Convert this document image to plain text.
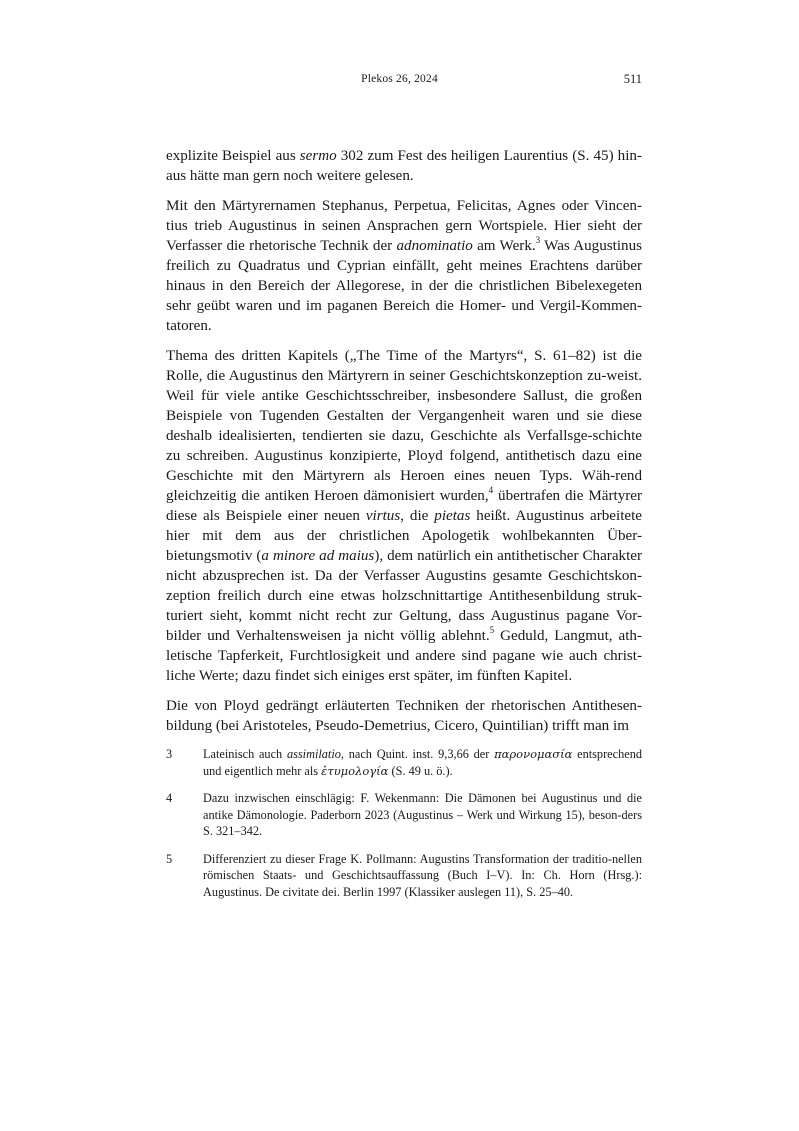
Plekos 26, 2024	511

explizite Beispiel aus sermo 302 zum Fest des heiligen Laurentius (S. 45) hin-aus hätte man gern noch weitere gelesen.

Mit den Märtyrernamen Stephanus, Perpetua, Felicitas, Agnes oder Vincen-tius trieb Augustinus in seinen Ansprachen gern Wortspiele. Hier sieht der Verfasser die rhetorische Technik der adnominatio am Werk.$^3$ Was Augustinus freilich zu Quadratus und Cyprian einfällt, geht meines Erachtens darüber hinaus in den Bereich der Allegorese, in der die christlichen Bibelexegeten sehr geübt waren und im paganen Bereich die Homer- und Vergil-Kommen-tatoren.

Thema des dritten Kapitels („The Time of the Martyrs“, S. 61–82) ist die Rolle, die Augustinus den Märtyrern in seiner Geschichtskonzeption zu-weist. Weil für viele antike Geschichtsschreiber, insbesondere Sallust, die großen Beispiele von Tugenden Gestalten der Vergangenheit waren und sie diese deshalb idealisierten, tendierten sie dazu, Geschichte als Verfallsge-schichte zu schreiben. Augustinus konzipierte, Ployd folgend, antithetisch dazu eine Geschichte mit den Märtyrern als Heroen eines neuen Typs. Wäh-rend gleichzeitig die antiken Heroen dämonisiert wurden,$^4$ übertrafen die Märtyrer diese als Beispiele einer neuen virtus, die pietas heißt. Augustinus arbeitete hier mit dem aus der christlichen Apologetik wohlbekannten Über-bietungsmotiv (a minore ad maius), dem natürlich ein antithetischer Charakter nicht abzusprechen ist. Da der Verfasser Augustins gesamte Geschichtskon-zeption freilich durch eine etwas holzschnittartige Antithesenbildung struk-turiert sieht, kommt nicht recht zur Geltung, dass Augustinus pagane Vor-bilder und Verhaltensweisen ja nicht völlig ablehnt.$^5$ Geduld, Langmut, ath-letische Tapferkeit, Furchtlosigkeit und andere sind pagane wie auch christ-liche Werte; dazu findet sich einiges erst später, im fünften Kapitel.

Die von Ployd gedrängt erläuterten Techniken der rhetorischen Antithesen-bildung (bei Aristoteles, Pseudo-Demetrius, Cicero, Quintilian) trifft man im

3	Lateinisch auch assimilatio, nach Quint. inst. 9,3,66 der παρονομασία entsprechend und eigentlich mehr als ἐτυμολογία (S. 49 u. ö.).
4	Dazu inzwischen einschlägig: F. Wekenmann: Die Dämonen bei Augustinus und die antike Dämonologie. Paderborn 2023 (Augustinus – Werk und Wirkung 15), beson-ders S. 321–342.
5	Differenziert zu dieser Frage K. Pollmann: Augustins Transformation der traditio-nellen römischen Staats- und Geschichtsauffassung (Buch I–V). In: Ch. Horn (Hrsg.): Augustinus. De civitate dei. Berlin 1997 (Klassiker auslegen 11), S. 25–40.
